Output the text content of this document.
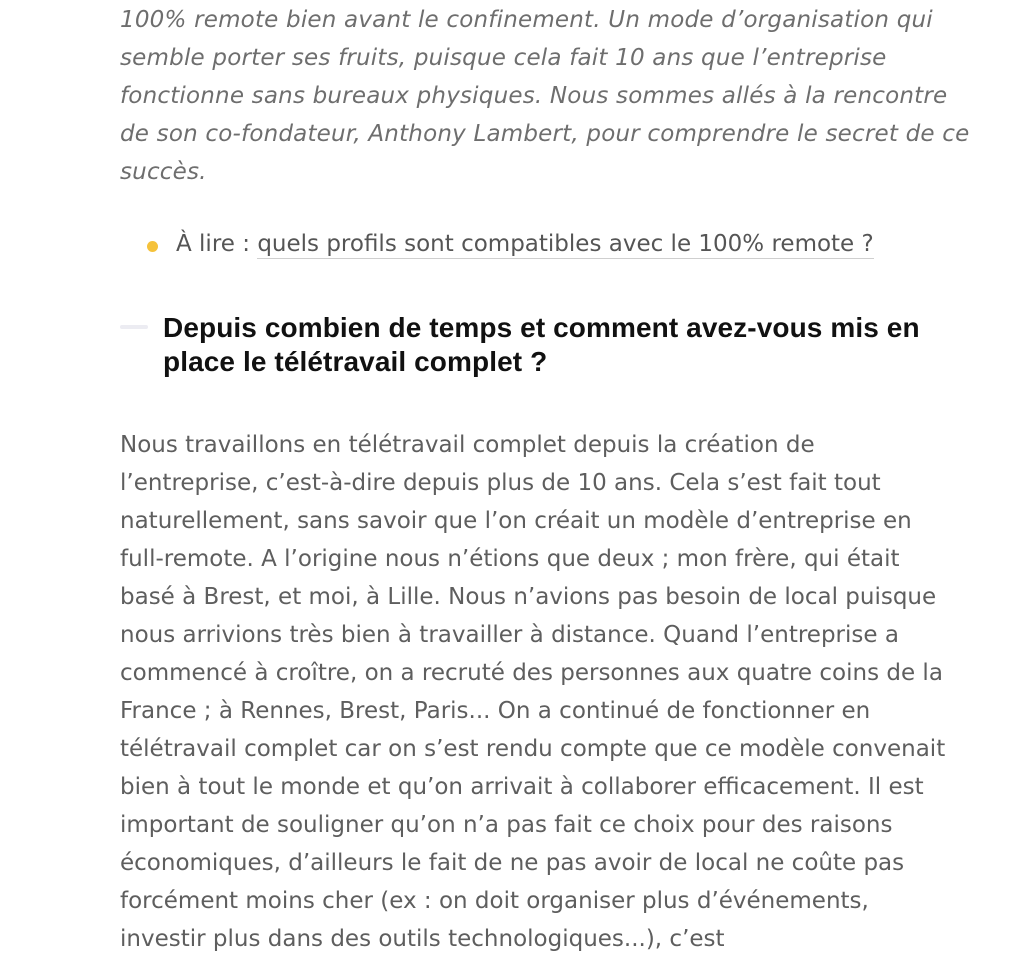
100% remote bien avant le confinement. Un mode d’organisation qui semble porter ses fruits, puisque cela fait 10 ans que l’entreprise fonctionne sans bureaux physiques. Nous sommes allés à la rencontre de son co-fondateur, Anthony Lambert, pour comprendre le secret de ce succès.

À lire : quels profils sont compatibles avec le 100% remote ?
Depuis combien de temps et comment avez-vous mis en place le télétravail complet ?

Nous travaillons en télétravail complet depuis la création de l’entreprise, c’est-à-dire depuis plus de 10 ans. Cela s’est fait tout naturellement, sans savoir que l’on créait un modèle d’entreprise en full-remote. A l’origine nous n’étions que deux ; mon frère, qui était basé à Brest, et moi, à Lille. Nous n’avions pas besoin de local puisque nous arrivions très bien à travailler à distance. Quand l’entreprise a commencé à croître, on a recruté des personnes aux quatre coins de la France ; à Rennes, Brest, Paris... On a continué de fonctionner en télétravail complet car on s’est rendu compte que ce modèle convenait bien à tout le monde et qu’on arrivait à collaborer efficacement. Il est important de souligner qu’on n’a pas fait ce choix pour des raisons économiques, d’ailleurs le fait de ne pas avoir de local ne coûte pas forcément moins cher (ex : on doit organiser plus d’événements, investir plus dans des outils technologiques...), c’est
